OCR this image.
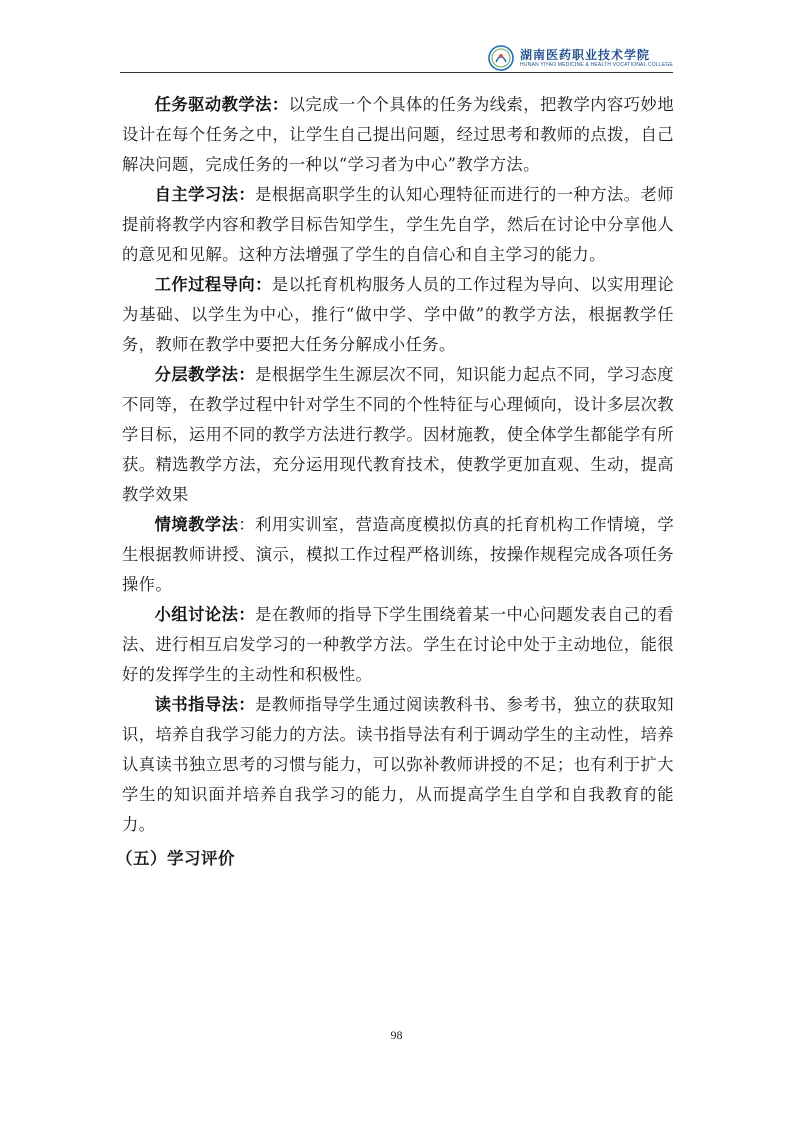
湖南医药职业技术学院
HUNAN YIYAO MEDICINE & HEALTH VOCATIONAL COLLEGE

任务驱动教学法：以完成一个个具体的任务为线索，把教学内容巧妙地设计在每个任务之中，让学生自己提出问题，经过思考和教师的点拨，自己解决问题，完成任务的一种以“学习者为中心”教学方法。

自主学习法：是根据高职学生的认知心理特征而进行的一种方法。老师提前将教学内容和教学目标告知学生，学生先自学，然后在讨论中分享他人的意见和见解。这种方法增强了学生的自信心和自主学习的能力。

工作过程导向：是以托育机构服务人员的工作过程为导向、以实用理论为基础、以学生为中心，推行“做中学、学中做”的教学方法，根据教学任务，教师在教学中要把大任务分解成小任务。

分层教学法：是根据学生生源层次不同，知识能力起点不同，学习态度不同等，在教学过程中针对学生不同的个性特征与心理倾向，设计多层次教学目标，运用不同的教学方法进行教学。因材施教，使全体学生都能学有所获。精选教学方法，充分运用现代教育技术，使教学更加直观、生动，提高教学效果

情境教学法：利用实训室，营造高度模拟仿真的托育机构工作情境，学生根据教师讲授、演示，模拟工作过程严格训练，按操作规程完成各项任务操作。

小组讨论法：是在教师的指导下学生围绕着某一中心问题发表自己的看法、进行相互启发学习的一种教学方法。学生在讨论中处于主动地位，能很好的发挥学生的主动性和积极性。

读书指导法：是教师指导学生通过阅读教科书、参考书，独立的获取知识，培养自我学习能力的方法。读书指导法有利于调动学生的主动性，培养认真读书独立思考的习惯与能力，可以弥补教师讲授的不足；也有利于扩大学生的知识面并培养自我学习的能力，从而提高学生自学和自我教育的能力。

（五）学习评价
98
